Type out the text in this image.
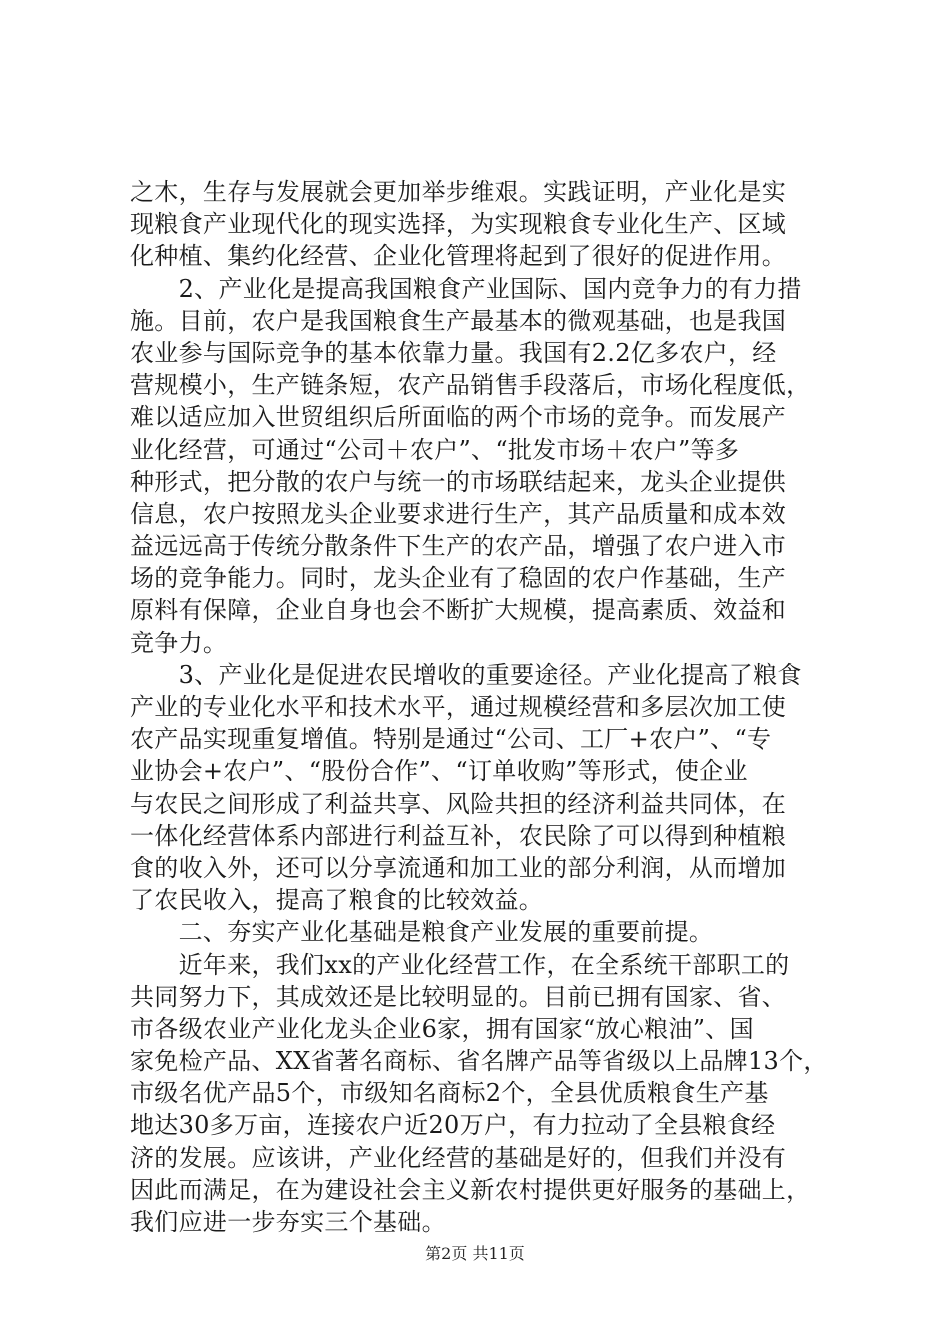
之木，生存与发展就会更加举步维艰。实践证明，产业化是实
现粮食产业现代化的现实选择，为实现粮食专业化生产、区域
化种植、集约化经营、企业化管理将起到了很好的促进作用。
　　2、产业化是提高我国粮食产业国际、国内竞争力的有力措
施。目前，农户是我国粮食生产最基本的微观基础，也是我国
农业参与国际竞争的基本依靠力量。我国有2.2亿多农户，经
营规模小，生产链条短，农产品销售手段落后，市场化程度低，
难以适应加入世贸组织后所面临的两个市场的竞争。而发展产
业化经营，可通过“公司＋农户”、“批发市场＋农户”等多
种形式，把分散的农户与统一的市场联结起来，龙头企业提供
信息，农户按照龙头企业要求进行生产，其产品质量和成本效
益远远高于传统分散条件下生产的农产品，增强了农户进入市
场的竞争能力。同时，龙头企业有了稳固的农户作基础，生产
原料有保障，企业自身也会不断扩大规模，提高素质、效益和
竞争力。
　　3、产业化是促进农民增收的重要途径。产业化提高了粮食
产业的专业化水平和技术水平，通过规模经营和多层次加工使
农产品实现重复增值。特别是通过“公司、工厂+农户”、“专
业协会+农户”、“股份合作”、“订单收购”等形式，使企业
与农民之间形成了利益共享、风险共担的经济利益共同体，在
一体化经营体系内部进行利益互补，农民除了可以得到种植粮
食的收入外，还可以分享流通和加工业的部分利润，从而增加
了农民收入，提高了粮食的比较效益。
　　二、夯实产业化基础是粮食产业发展的重要前提。
　　近年来，我们xx的产业化经营工作，在全系统干部职工的
共同努力下，其成效还是比较明显的。目前已拥有国家、省、
市各级农业产业化龙头企业6家，拥有国家“放心粮油”、国
家免检产品、XX省著名商标、省名牌产品等省级以上品牌13个，
市级名优产品5个，市级知名商标2个，全县优质粮食生产基
地达30多万亩，连接农户近20万户，有力拉动了全县粮食经
济的发展。应该讲，产业化经营的基础是好的，但我们并没有
因此而满足，在为建设社会主义新农村提供更好服务的基础上，
我们应进一步夯实三个基础。
第2页 共11页
